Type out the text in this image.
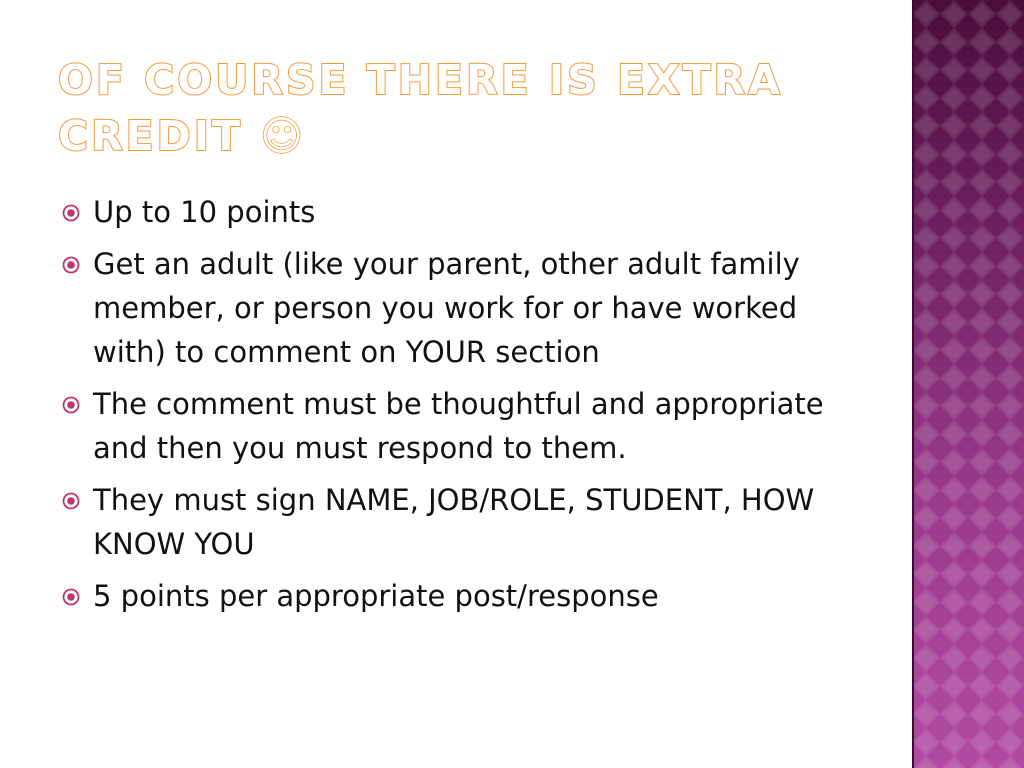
OF COURSE THERE IS EXTRA
CREDIT ☺
Up to 10 points
Get an adult (like your parent, other adult family member, or person you work for or have worked with) to comment on YOUR section
The comment must be thoughtful and appropriate and then you must respond to them.
They must sign NAME, JOB/ROLE, STUDENT, HOW KNOW YOU
5 points per appropriate post/response
